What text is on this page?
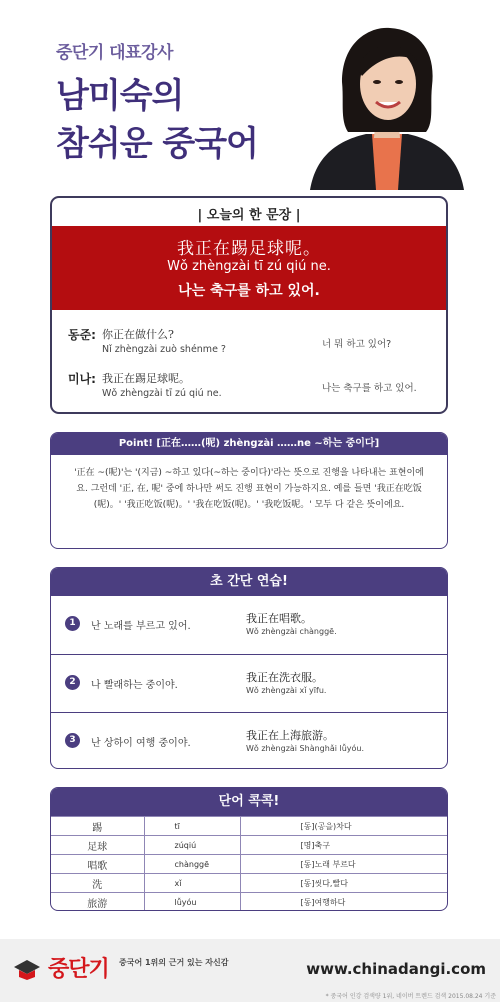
중단기 대표강사
남미숙의
참쉬운 중국어
| 오늘의 한 문장 |
我正在踢足球呢。
Wǒ zhèngzài tī zú qiú ne.
나는 축구를 하고 있어.
동준: 你正在做什么?
Nǐ zhèngzài zuò shénme ?	너 뭐 하고 있어?
미나: 我正在踢足球呢。
Wǒ zhèngzài tī zú qiú ne.	나는 축구를 하고 있어.
Point! [正在……(呢) zhèngzài ……ne ~하는 중이다]
'正在 ~(呢)'는 '(지금) ~하고 있다(~하는 중이다)'라는 뜻으로 진행을 나타내는 표현이에요. 그런데 '正, 在, 呢' 중에 하나만 써도 진행 표현이 가능하지요. 예를 들면 '我正在吃饭(呢)。' '我正吃饭(呢)。' '我在吃饭(呢)。' '我吃饭呢。' 모두 다 같은 뜻이에요.
초 간단 연습!
1	난 노래를 부르고 있어.
我正在唱歌。
Wǒ zhèngzài chànggē.
2	나 빨래하는 중이야.
我正在洗衣服。
Wǒ zhèngzài xǐ yīfu.
3	난 상하이 여행 중이야.
我正在上海旅游。
Wǒ zhèngzài Shànghǎi lǚyóu.
단어 콕콕!
踢	tī	[동](공을)차다
足球	zúqiú	[명]축구
唱歌	chànggē	[동]노래 부르다
洗	xǐ	[동]씻다,빨다
旅游	lǚyóu	[동]여행하다
중단기 중국어 1위의 근거 있는 자신감	www.chinadangi.com
* 중국어 인강 검색량 1위, 네이버 트렌드 검색 2015.08.24 기준
